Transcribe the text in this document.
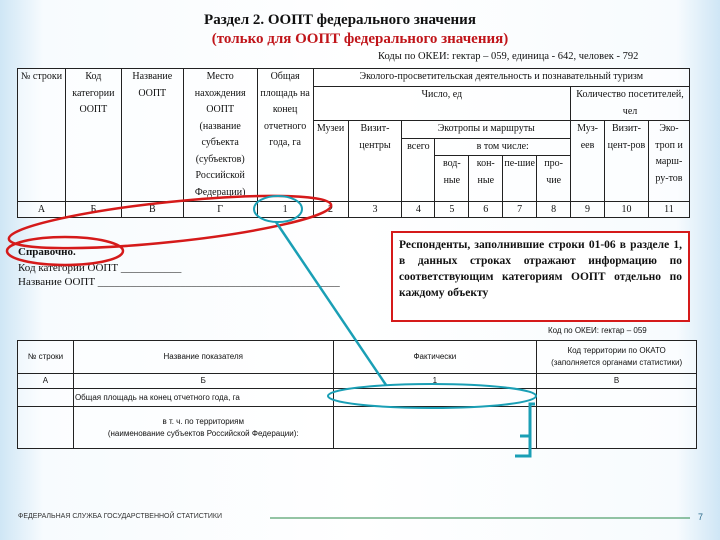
Раздел 2. ООПТ федерального значения
(только для ООПТ федерального значения)
Коды по ОКЕИ: гектар – 059, единица - 642, человек - 792
№ строки	Код категории ООПТ	Название ООПТ	Место нахождения ООПТ (название субъекта (субъектов) Российской Федерации)	Общая площадь на конец отчетного года, га	Эколого-просветительская деятельность и познавательный туризм									
					Число, ед							Количество посетителей, чел		
					Музеи	Визит-центры	Экотропы и маршруты					Муз-еев	Визит-цент-ров	Эко-троп и марш-ру-тов
							всего	в том числе:						
								вод-ные	кон-ные	пе-шие	про-чие			
А	Б	В	Г	1	2	3	4	5	6	7	8	9	10	11
Справочно.
Код категории ООПТ ___________
Название ООПТ ____________________________________________
Респонденты, заполнившие строки 01-06 в разделе 1, в данных строках отражают информацию по соответствующим категориям ООПТ отдельно по каждому объекту
Код по ОКЕИ: гектар – 059
№ строки	Название показателя	Фактически	Код территории по ОКАТО
(заполняется органами статистики)
А	Б	1	В
	Общая площадь на конец отчетного года, га		
	в т. ч. по территориям
(наименование субъектов Российской Федерации):		
ФЕДЕРАЛЬНАЯ СЛУЖБА ГОСУДАРСТВЕННОЙ СТАТИСТИКИ	7
